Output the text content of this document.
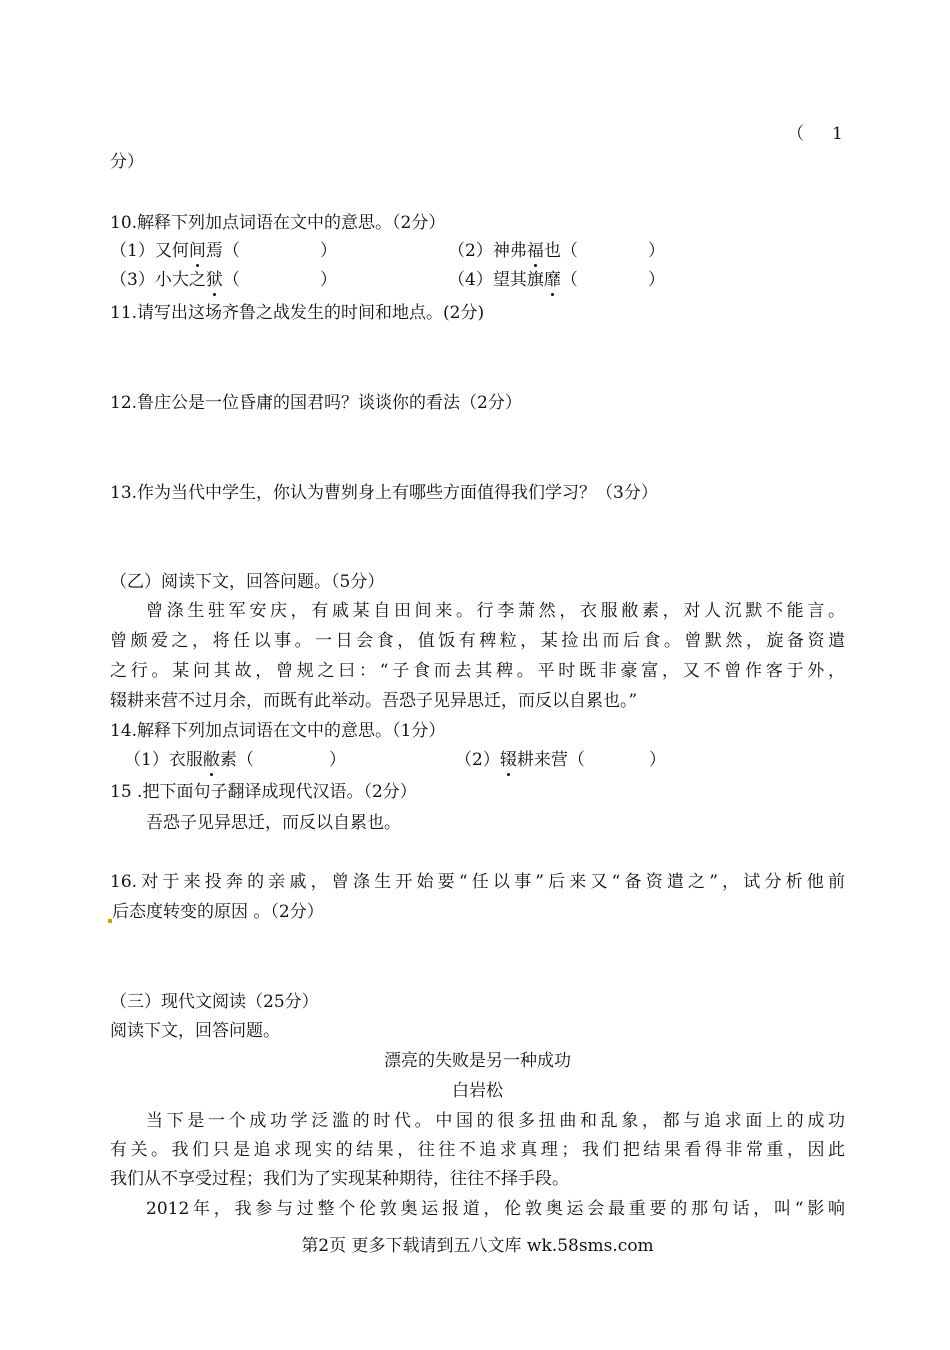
（ 1
分）
10.解释下列加点词语在文中的意思。（2分）
（1）又何间焉（	）	（2）神弗福也（	）
（3）小大之狱（	）	（4）望其旗靡（	）
11.请写出这场齐鲁之战发生的时间和地点。(2分)
12.鲁庄公是一位昏庸的国君吗？谈谈你的看法（2分）
13.作为当代中学生，你认为曹刿身上有哪些方面值得我们学习？（3分）
（乙）阅读下文，回答问题。（5分）
曾涤生驻军安庆，有戚某自田间来。行李萧然，衣服敝素，对人沉默不能言。
曾颇爱之，将任以事。一日会食，值饭有稗粒，某捡出而后食。曾默然，旋备资遣
之行。某问其故，曾规之曰：“子食而去其稗。平时既非豪富，又不曾作客于外，
辍耕来营不过月余，而既有此举动。吾恐子见异思迁，而反以自累也。”
14.解释下列加点词语在文中的意思。（1分）
（1）衣服敝素（	）	（2）辍耕来营（	）
15 .把下面句子翻译成现代汉语。（2分）
吾恐子见异思迁，而反以自累也。
16.对于来投奔的亲戚，曾涤生开始要“任以事”后来又“备资遣之”，试分析他前
后态度转变的原因 。（2分）
（三）现代文阅读（25分）
阅读下文，回答问题。
漂亮的失败是另一种成功
白岩松
当下是一个成功学泛滥的时代。中国的很多扭曲和乱象，都与追求面上的成功
有关。我们只是追求现实的结果，往往不追求真理；我们把结果看得非常重，因此
我们从不享受过程；我们为了实现某种期待，往往不择手段。
2012年，我参与过整个伦敦奥运报道，伦敦奥运会最重要的那句话，叫“影响
第2页 更多下载请到五八文库 wk.58sms.com
